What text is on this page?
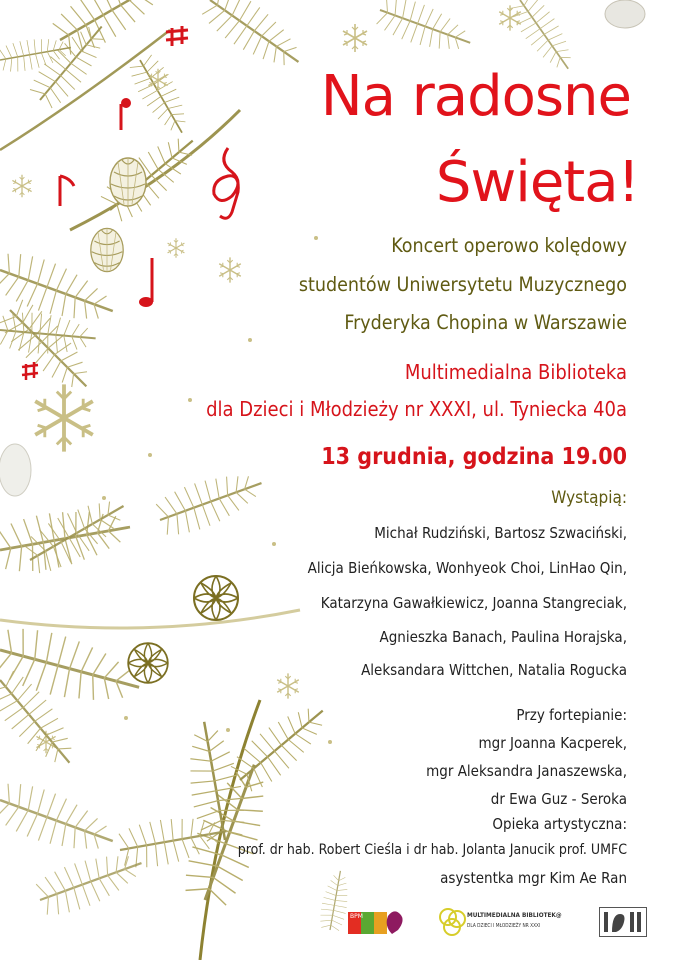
Na radosne
Święta!
Koncert operowo kolędowy
studentów Uniwersytetu Muzycznego
Fryderyka Chopina w Warszawie
Multimedialna Biblioteka
dla Dzieci i Młodzieży nr XXXI, ul. Tyniecka 40a
13 grudnia, godzina 19.00
Wystąpią:
Michał Rudziński, Bartosz Szwaciński,
Alicja Bieńkowska, Wonhyeok Choi, LinHao Qin,
Katarzyna Gawałkiewicz, Joanna Stangreciak,
Agnieszka Banach, Paulina Horajska,
Aleksandara Wittchen, Natalia Rogucka
Przy fortepianie:
mgr Joanna Kacperek,
mgr Aleksandra Janaszewska,
dr Ewa Guz - Seroka
Opieka artystyczna:
prof. dr hab. Robert Cieśla i dr hab. Jolanta Janucik prof. UMFC
asystentka mgr Kim Ae Ran
BPM	MULTIMEDIALNA BIBLIOTEK@
DLA DZIECI I MŁODZIEŻY NR XXXI
